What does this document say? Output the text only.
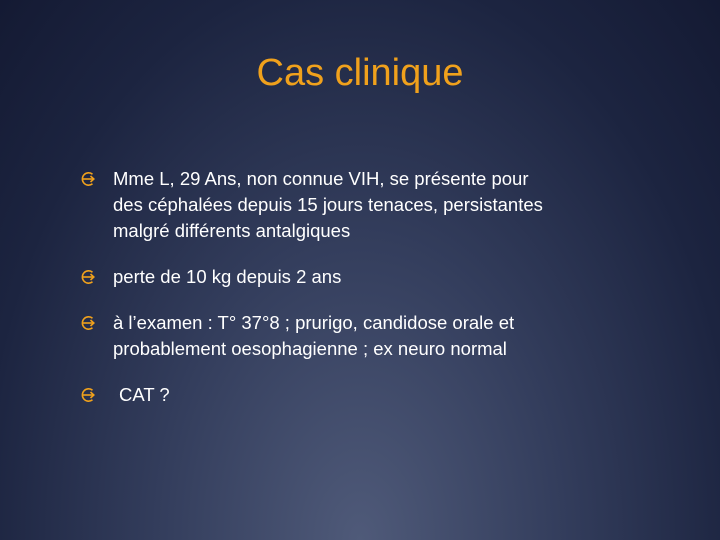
Cas clinique
Mme L, 29 Ans, non connue VIH, se présente pour
des céphalées depuis 15 jours tenaces, persistantes
malgré différents antalgiques
perte de 10 kg depuis 2 ans
à l’examen : T° 37°8 ; prurigo, candidose orale et
probablement oesophagienne ; ex neuro normal
CAT ?
